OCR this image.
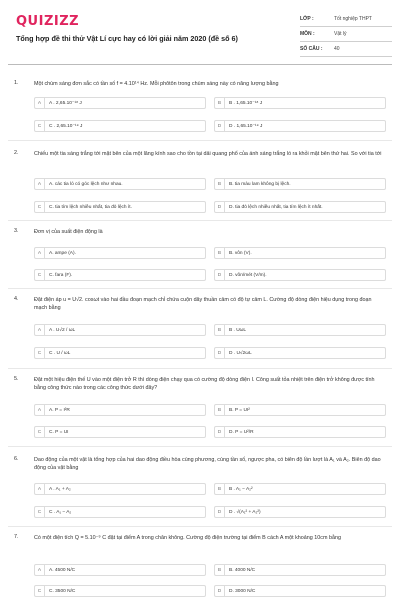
QUIZIZZ
Tổng hợp đề thi thử Vật Lí cực hay có lời giải năm 2020 (đề số 6)
LỚP :	Tốt nghiệp THPT
MÔN :	Vật lý
SỐ CÂU :	40
1.	Một chùm sáng đơn sắc có tần số f = 4.10¹⁴ Hz. Mỗi phôtôn trong chùm sáng này có năng lượng bằng
A	A . 2,65.10⁻¹⁸ J	B	B . 1,65.10⁻¹⁸ J
C	C . 2,65.10⁻¹⁹ J	D	D . 1,65.10⁻¹⁹ J
2.	Chiếu một tia sáng trắng tới mặt bên của một lăng kính sao cho tồn tại dải quang phổ của ánh sáng trắng ló ra khỏi mặt bên thứ hai. So với tia tới
A	A. các tia ló có góc lệch như nhau.	B	B. tia màu lam không bị lệch.
C	C. tia tím lệch nhiều nhất, tia đỏ lệch ít.	D	D. tia đỏ lệch nhiều nhất, tia tím lệch ít nhất.
3.	Đơn vị của suất điện động là
A	A. ampe (A).	B	B. vôn (V).
C	C. fara (F).	D	D. vôn/mét (V/m).
4.	Đặt điện áp u = U√2. cosωt vào hai đầu đoạn mạch chỉ chứa cuộn dây thuần cảm có độ tự cảm L. Cường độ dòng điện hiệu dụng trong đoạn mạch bằng
A	A . U√2 / ωL	B	B . UωL
C	C . U / ωL	D	D . U√2ωL
5.	Đặt một hiệu điện thế U vào một điện trở R thì dòng điện chạy qua có cường độ dòng điện I. Công suất tỏa nhiệt trên điện trở không được tính bằng công thức nào trong các công thức dưới đây?
A	A. P = I²R	B	B. P = UI²
C	C. P = UI	D	D. P = U²/R
6.	Dao động của một vật là tổng hợp của hai dao động điều hòa cùng phương, cùng tần số, ngược pha, có biên độ lần lượt là A₁ và A₂. Biên độ dao động của vật bằng
A	A . A₁ + A₂	B	B . A₁ − A₂²
C	C . A₁ − A₂	D	D . √(A₁² + A₂²)
7.	Có một điện tích Q = 5.10⁻⁹ C đặt tại điểm A trong chân không. Cường độ điện trường tại điểm B cách A một khoảng 10cm bằng
A	A. 4500 N/C	B	B. 4000 N/C
C	C. 3500 N/C	D	D. 3000 N/C
